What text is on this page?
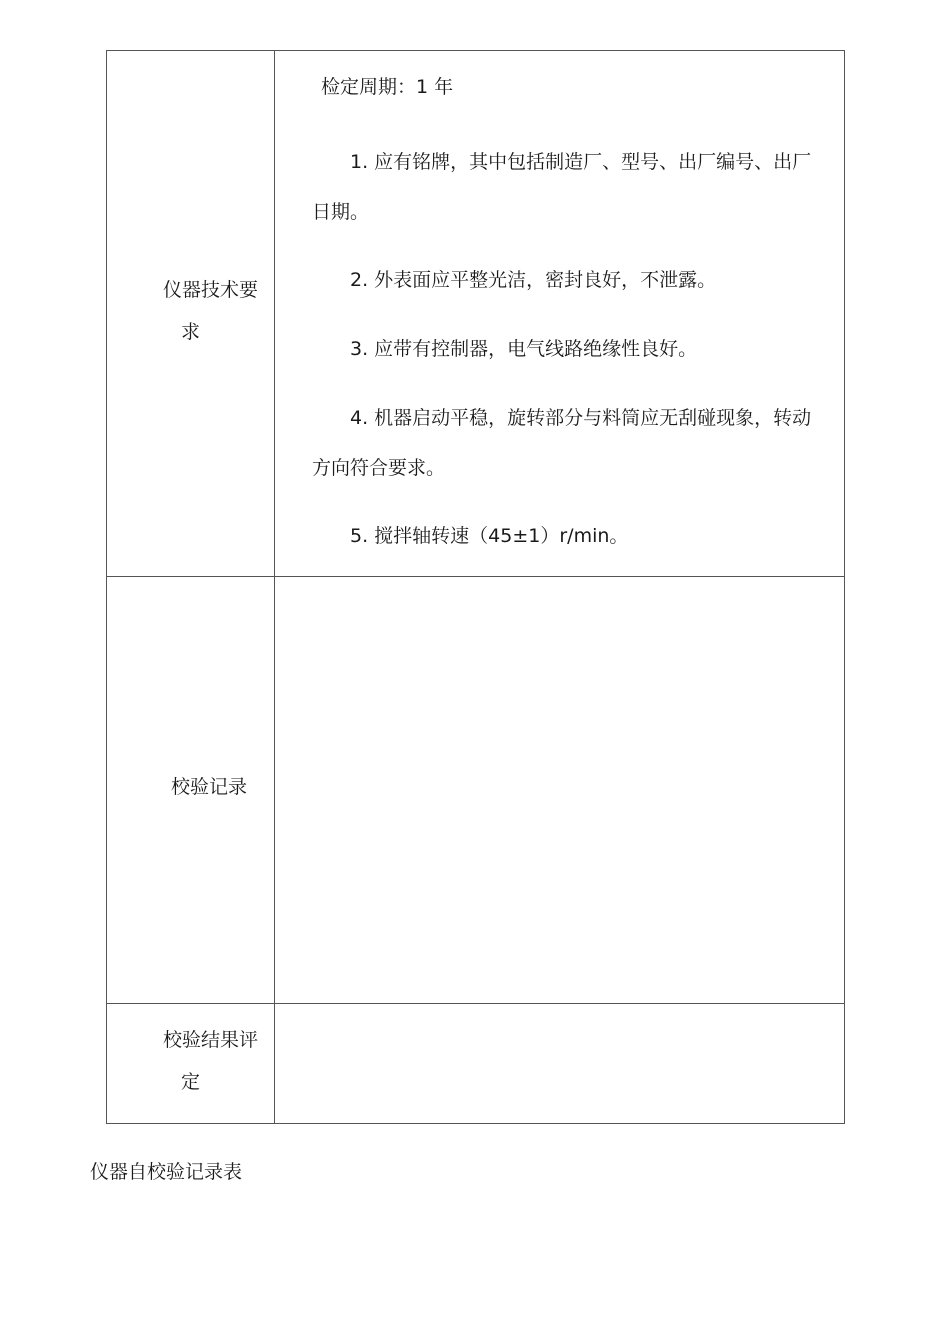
仪器技术要
求
检定周期：1 年
1. 应有铭牌，其中包括制造厂、型号、出厂编号、出厂
日期。
2. 外表面应平整光洁，密封良好，不泄露。
3. 应带有控制器，电气线路绝缘性良好。
4. 机器启动平稳，旋转部分与料筒应无刮碰现象，转动
方向符合要求。
5. 搅拌轴转速（45±1）r/min。
校验记录
校验结果评
定
仪器自校验记录表
